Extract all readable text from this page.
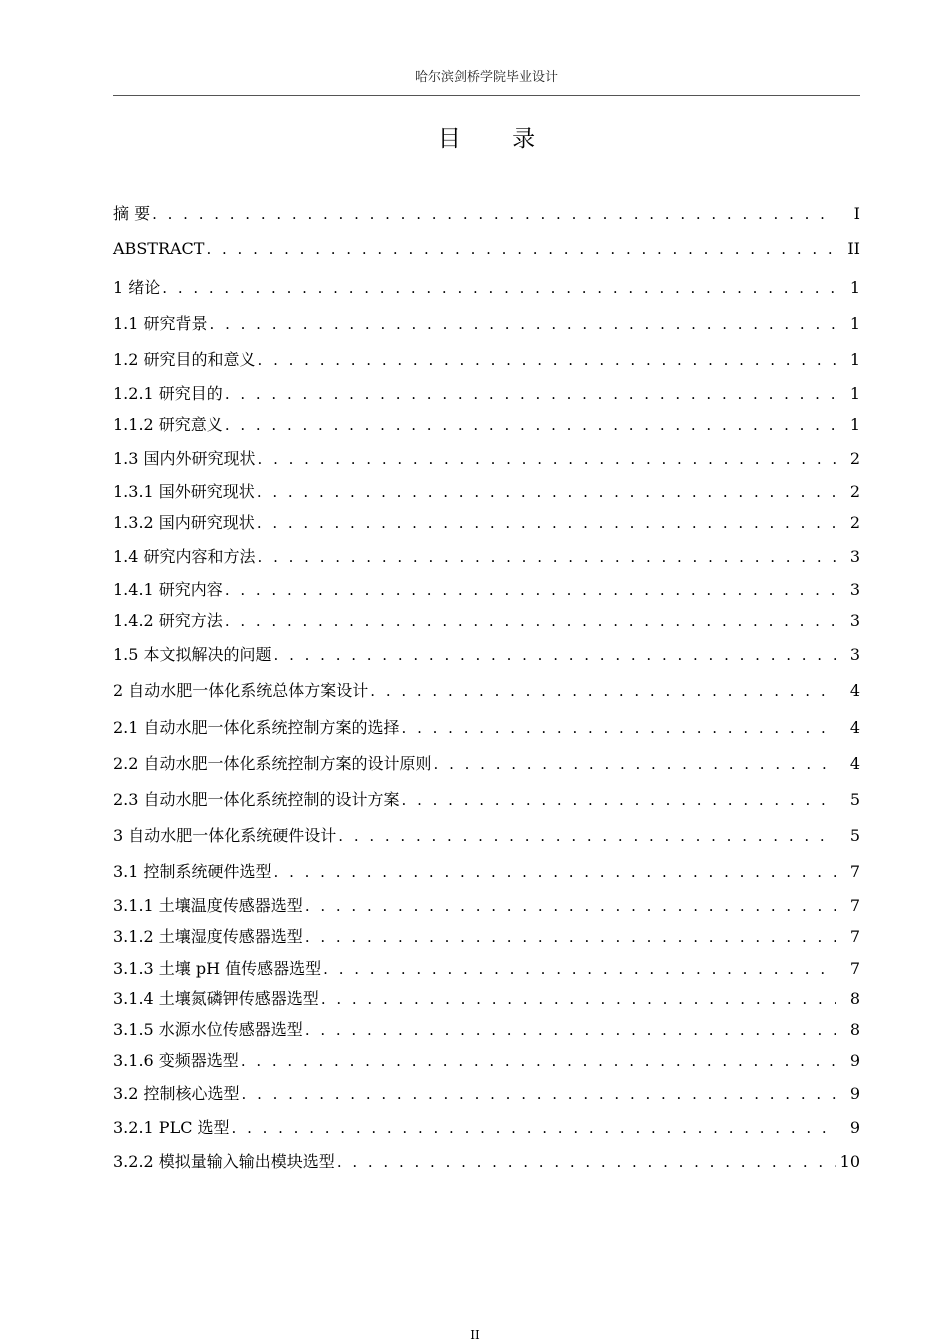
哈尔滨剑桥学院毕业设计
目 录
摘 要 . . .	I
ABSTRACT . . .	II
1 绪论 . . .	1
1.1 研究背景 . . .	1
1.2 研究目的和意义 . . .	1
1.2.1 研究目的 . . .	1
1.1.2 研究意义 . . .	1
1.3 国内外研究现状 . . .	2
1.3.1 国外研究现状 . . .	2
1.3.2 国内研究现状 . . .	2
1.4 研究内容和方法 . . .	3
1.4.1 研究内容 . . .	3
1.4.2 研究方法 . . .	3
1.5 本文拟解决的问题 . . .	3
2 自动水肥一体化系统总体方案设计 . . .	4
2.1 自动水肥一体化系统控制方案的选择 . . .	4
2.2 自动水肥一体化系统控制方案的设计原则 . . .	4
2.3 自动水肥一体化系统控制的设计方案 . . .	5
3 自动水肥一体化系统硬件设计 . . .	5
3.1 控制系统硬件选型 . . .	7
3.1.1 土壤温度传感器选型 . . .	7
3.1.2 土壤湿度传感器选型 . . .	7
3.1.3 土壤 pH 值传感器选型 . . .	7
3.1.4 土壤氮磷钾传感器选型 . . .	8
3.1.5 水源水位传感器选型 . . .	8
3.1.6 变频器选型 . . .	9
3.2 控制核心选型 . . .	9
3.2.1 PLC 选型 . . .	9
3.2.2 模拟量输入输出模块选型 . . .	10
II
